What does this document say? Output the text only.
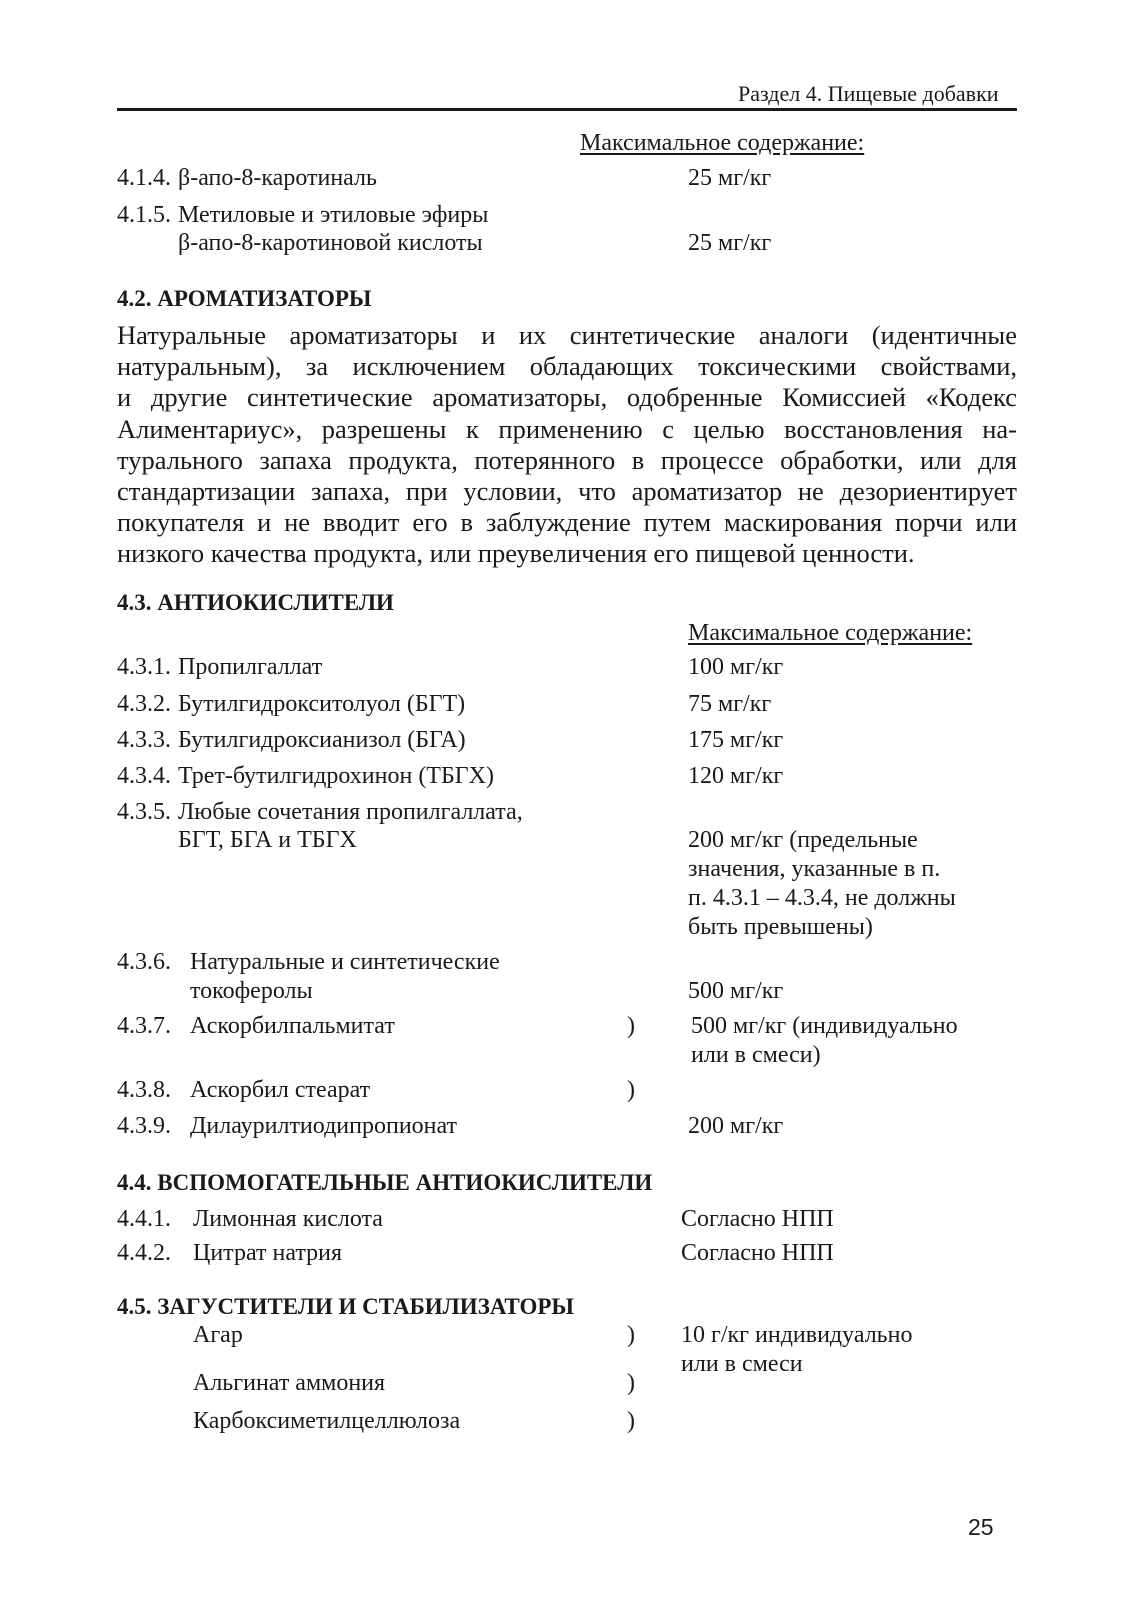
Раздел 4. Пищевые добавки
Максимальное содержание:
4.1.4. β-апо-8-каротиналь	25 мг/кг
4.1.5. Метиловые и этиловые эфиры
β-апо-8-каротиновой кислоты	25 мг/кг
4.2. АРОМАТИЗАТОРЫ
Натуральные ароматизаторы и их синтетические аналоги (идентичные
натуральным), за исключением обладающих токсическими свойствами,
и другие синтетические ароматизаторы, одобренные Комиссией «Кодекс
Алиментариус», разрешены к применению с целью восстановления на-
турального запаха продукта, потерянного в процессе обработки, или для
стандартизации запаха, при условии, что ароматизатор не дезориентирует
покупателя и не вводит его в заблуждение путем маскирования порчи или
низкого качества продукта, или преувеличения его пищевой ценности.
4.3. АНТИОКИСЛИТЕЛИ
Максимальное содержание:
4.3.1. Пропилгаллат	100 мг/кг
4.3.2. Бутилгидрокситолуол (БГТ)	75 мг/кг
4.3.3. Бутилгидроксианизол (БГА)	175 мг/кг
4.3.4. Трет-бутилгидрохинон (ТБГХ)	120 мг/кг
4.3.5. Любые сочетания пропилгаллата,
БГТ, БГА и ТБГХ	200 мг/кг (предельные
значения, указанные в п.
п. 4.3.1 – 4.3.4, не должны
быть превышены)
4.3.6. Натуральные и синтетические
токоферолы	500 мг/кг
4.3.7. Аскорбилпальмитат	) 500 мг/кг (индивидуально
или в смеси)
4.3.8. Аскорбил стеарат	)
4.3.9. Дилаурилтиодипропионат	200 мг/кг
4.4. ВСПОМОГАТЕЛЬНЫЕ АНТИОКИСЛИТЕЛИ
4.4.1. Лимонная кислота	Согласно НПП
4.4.2. Цитрат натрия	Согласно НПП
4.5. ЗАГУСТИТЕЛИ И СТАБИЛИЗАТОРЫ
Агар	) 10 г/кг индивидуально
или в смеси
Альгинат аммония	)
Карбоксиметилцеллюлоза	)
25
